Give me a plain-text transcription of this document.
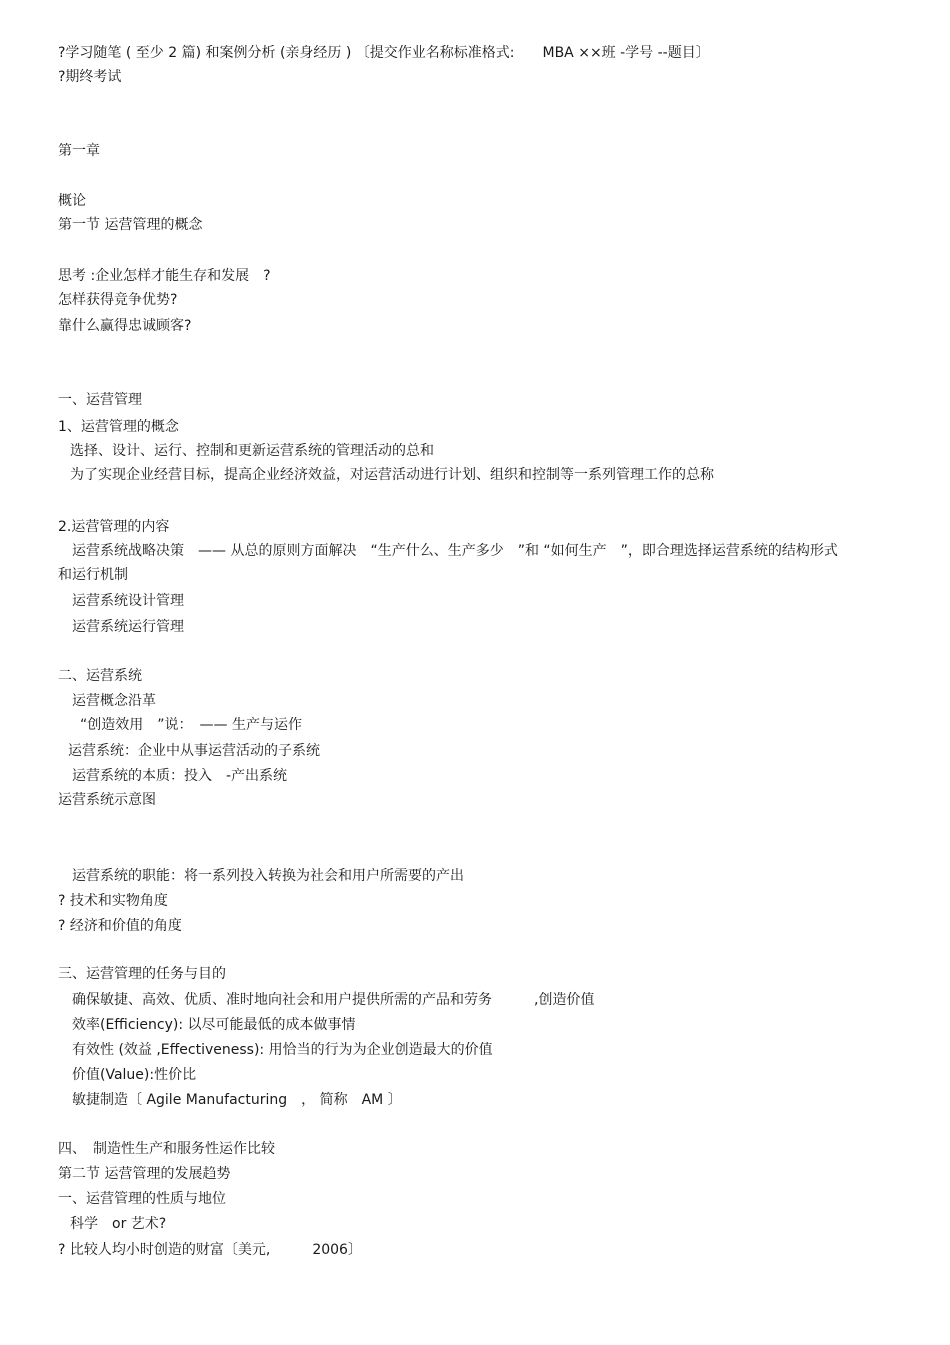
?学习随笔 ( 至少 2 篇) 和案例分析 (亲身经历 ) 〔提交作业名称标准格式:　　MBA ××班 -学号 --题目〕
?期终考试
第一章
概论
第一节 运营管理的概念
思考 :企业怎样才能生存和发展　?
怎样获得竞争优势?
靠什么赢得忠诚顾客?
一、运营管理
1、运营管理的概念
选择、设计、运行、控制和更新运营系统的管理活动的总和
为了实现企业经营目标，提高企业经济效益，对运营活动进行计划、组织和控制等一系列管理工作的总称
2.运营管理的内容
运营系统战略决策　—— 从总的原则方面解决　“生产什么、生产多少　”和 “如何生产　”，即合理选择运营系统的结构形式
和运行机制
运营系统设计管理
运营系统运行管理
二、运营系统
运营概念沿革
“创造效用　”说：　—— 生产与运作
运营系统：企业中从事运营活动的子系统
运营系统的本质：投入　-产出系统
运营系统示意图
运营系统的职能：将一系列投入转换为社会和用户所需要的产出
? 技术和实物角度
? 经济和价值的角度
三、运营管理的任务与目的
确保敏捷、高效、优质、准时地向社会和用户提供所需的产品和劳务　　　,创造价值
效率(Efficiency): 以尽可能最低的成本做事情
有效性 (效益 ,Effectiveness): 用恰当的行为为企业创造最大的价值
价值(Value):性价比
敏捷制造〔 Agile Manufacturing　， 简称　AM 〕
四、　制造性生产和服务性运作比较
第二节 运营管理的发展趋势
一、运营管理的性质与地位
科学　or 艺术?
? 比较人均小时创造的财富〔美元,　　　2006〕
